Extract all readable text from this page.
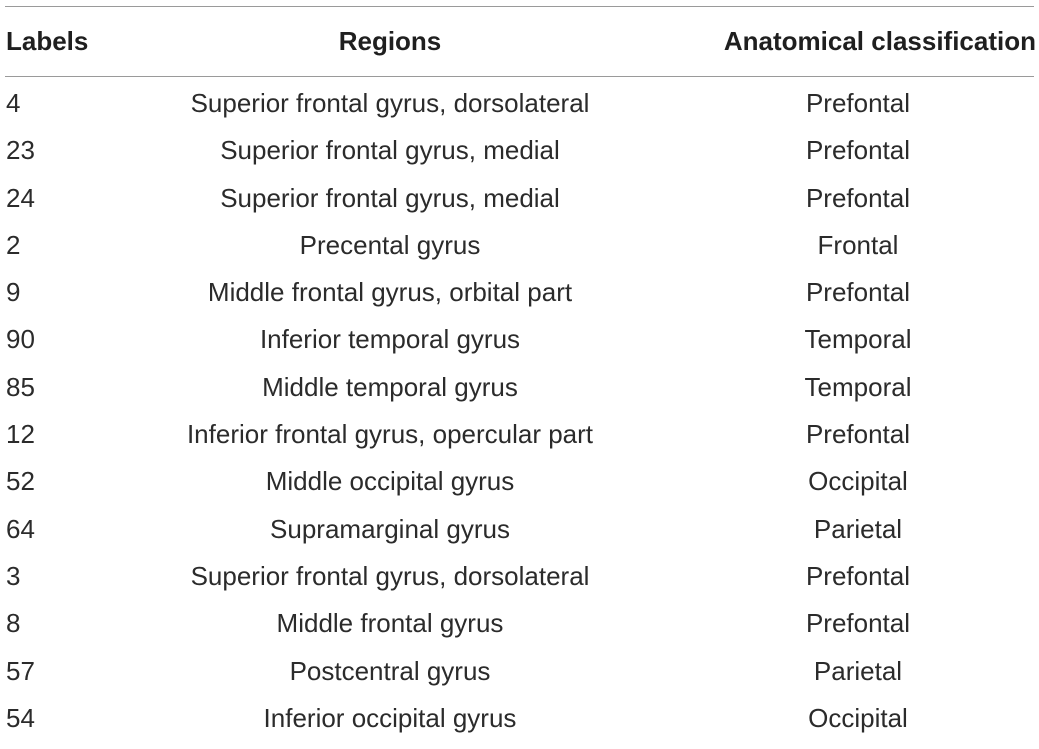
Labels	Regions	Anatomical classification
4	Superior frontal gyrus, dorsolateral	Prefontal
23	Superior frontal gyrus, medial	Prefontal
24	Superior frontal gyrus, medial	Prefontal
2	Precental gyrus	Frontal
9	Middle frontal gyrus, orbital part	Prefontal
90	Inferior temporal gyrus	Temporal
85	Middle temporal gyrus	Temporal
12	Inferior frontal gyrus, opercular part	Prefontal
52	Middle occipital gyrus	Occipital
64	Supramarginal gyrus	Parietal
3	Superior frontal gyrus, dorsolateral	Prefontal
8	Middle frontal gyrus	Prefontal
57	Postcentral gyrus	Parietal
54	Inferior occipital gyrus	Occipital
